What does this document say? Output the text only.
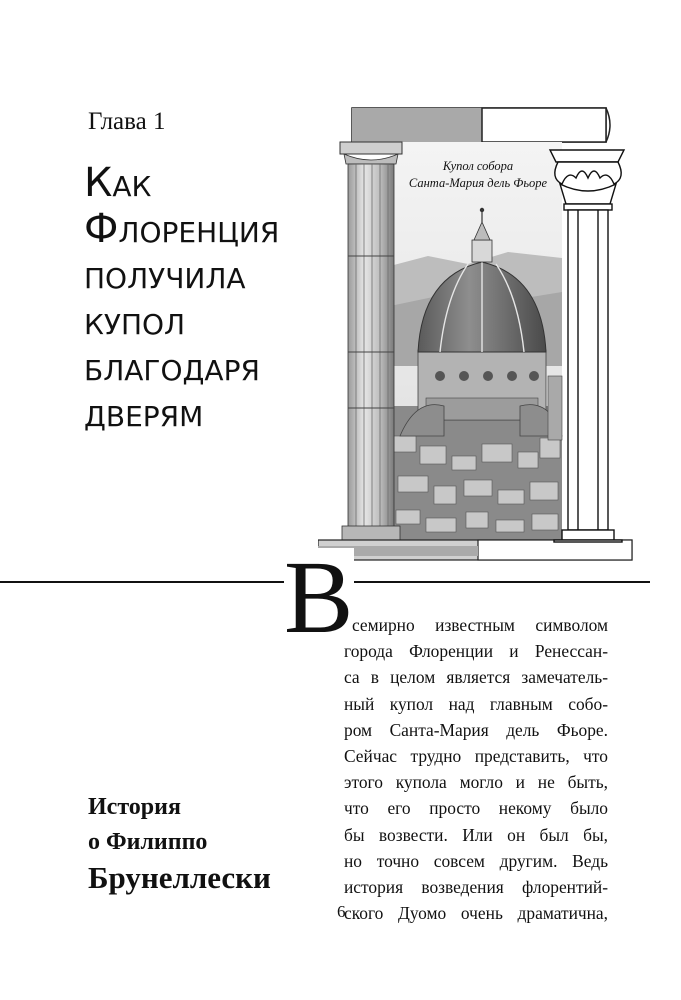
Глава 1
Как
Флоренция
получила
купол
благодаря
дверям
Купол собора
Санта-Мария дель Фьоре
В
семирно известным символом
города Флоренции и Ренессан-
са в целом является замечатель-
ный купол над главным собо-
ром Санта-Мария дель Фьоре.
Сейчас трудно представить, что
этого купола могло и не быть,
что его просто некому было
бы возвести. Или он был бы,
но точно совсем другим. Ведь
история возведения флорентий-
ского Дуомо очень драматична,
История
о Филиппо
Брунеллески
6
